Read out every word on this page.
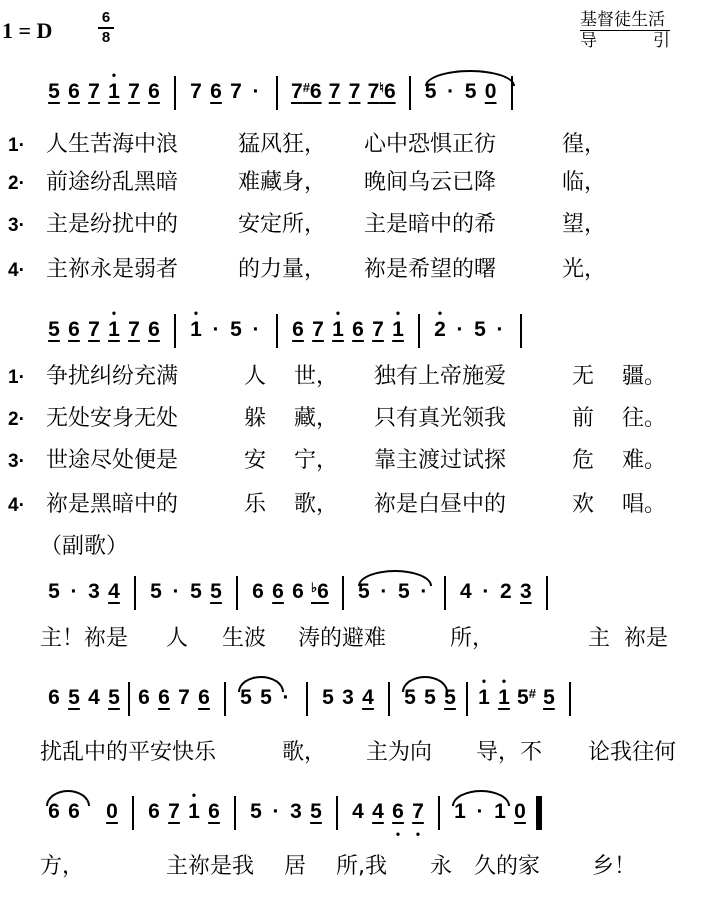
1 = D
6
8
基督徒生活
导	引
5 6 7
•
1 7 6 7 6 7 ·	7#6 7 7 7♮6 5 · 5 0
1· 人生苦海中浪	猛风狂， 心中恐惧正彷	徨，
2· 前途纷乱黑暗	难藏身， 晚间乌云已降	临，
3· 主是纷扰中的	安定所， 主是暗中的希	望，
4· 主祢永是弱者	的力量， 祢是希望的曙	光，
5 6 7
•
1 7 6
•
1 · 5 ·	6 7
•
1 6 7
•
1
•
2 · 5 ·
1· 争扰纠纷充满	人 世， 独有上帝施爱	无 疆。
2· 无处安身无处	躲 藏， 只有真光领我	前 往。
3· 世途尽处便是	安 宁， 靠主渡过试探	危 难。
4· 祢是黑暗中的	乐 歌， 祢是白昼中的	欢 唱。
（副歌）
5 · 3 4 5 · 5 5 6 6 6 ♭6 5 · 5 ·	4 · 2 3
主！祢是 人 生波 涛的避难	所，	主 祢是
6 5 4 5 6 6 7 6 5 5 ·	5 3 4 5 5 5
•
1
•
1 5# 5
扰乱中的平安快乐	歌， 主为向 导，不 论我往何
6 6 0 6 7
•
1 6 5 · 3 5 4 4 6
•
7
•
1 · 1 0
方，	主祢是我 居 所,我 永 久的家 乡！
